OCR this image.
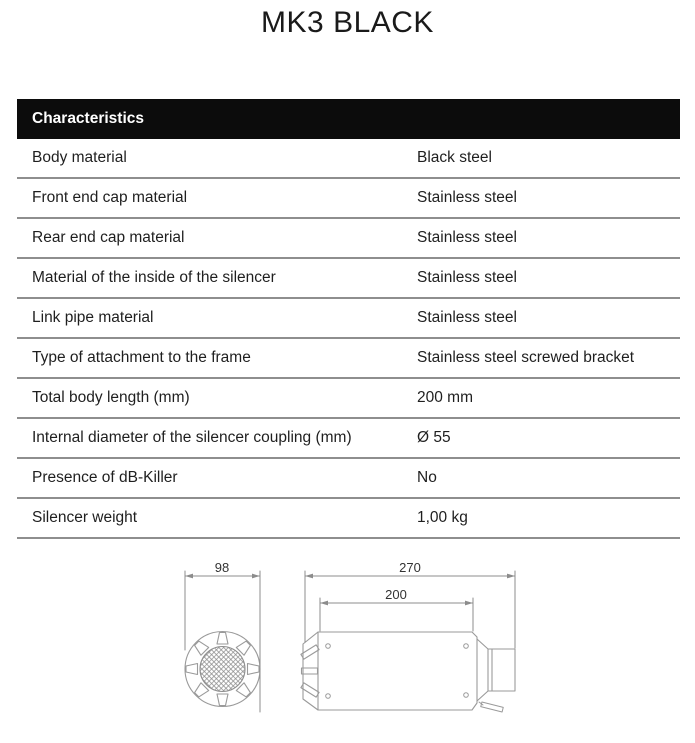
MK3 BLACK
Characteristics
Body material	Black steel
Front end cap material	Stainless steel
Rear end cap material	Stainless steel
Material of the inside of the silencer	Stainless steel
Link pipe material	Stainless steel
Type of attachment to the frame	Stainless steel screwed bracket
Total body length (mm)	200 mm
Internal diameter of the silencer coupling (mm)	Ø 55
Presence of dB-Killer	No
Silencer weight	1,00 kg
98	270
200
